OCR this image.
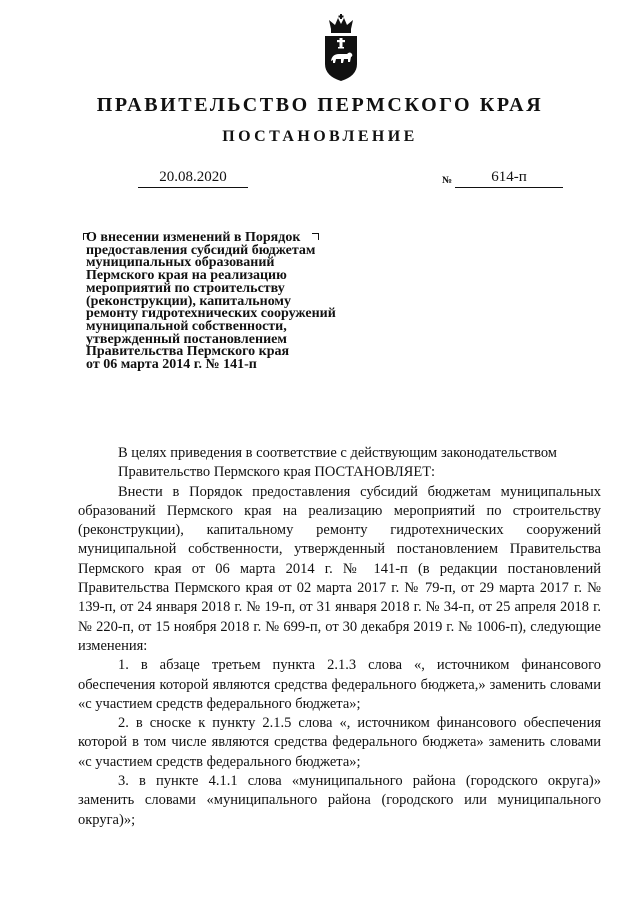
ПРАВИТЕЛЬСТВО ПЕРМСКОГО КРАЯ
ПОСТАНОВЛЕНИЕ
20.08.2020	№	614-п
О внесении изменений в Порядок
предоставления субсидий бюджетам
муниципальных образований
Пермского края на реализацию
мероприятий по строительству
(реконструкции), капитальному
ремонту гидротехнических сооружений
муниципальной собственности,
утвержденный постановлением
Правительства Пермского края
от 06 марта 2014 г. № 141-п

В целях приведения в соответствие с действующим законодательством

Правительство Пермского края ПОСТАНОВЛЯЕТ:

Внести в Порядок предоставления субсидий бюджетам муниципальных образований Пермского края на реализацию мероприятий по строительству (реконструкции), капитальному ремонту гидротехнических сооружений муниципальной собственности, утвержденный постановлением Правительства Пермского края от 06 марта 2014 г. № 141-п (в редакции постановлений Правительства Пермского края от 02 марта 2017 г. № 79-п, от 29 марта 2017 г. № 139-п, от 24 января 2018 г. № 19-п, от 31 января 2018 г. № 34-п, от 25 апреля 2018 г. № 220-п, от 15 ноября 2018 г. № 699-п, от 30 декабря 2019 г. № 1006-п), следующие изменения:

1. в абзаце третьем пункта 2.1.3 слова «, источником финансового обеспечения которой являются средства федерального бюджета,» заменить словами «с участием средств федерального бюджета»;

2. в сноске к пункту 2.1.5 слова «, источником финансового обеспечения которой в том числе являются средства федерального бюджета» заменить словами «с участием средств федерального бюджета»;

3. в пункте 4.1.1 слова «муниципального района (городского округа)» заменить словами «муниципального района (городского или муниципального округа)»;
